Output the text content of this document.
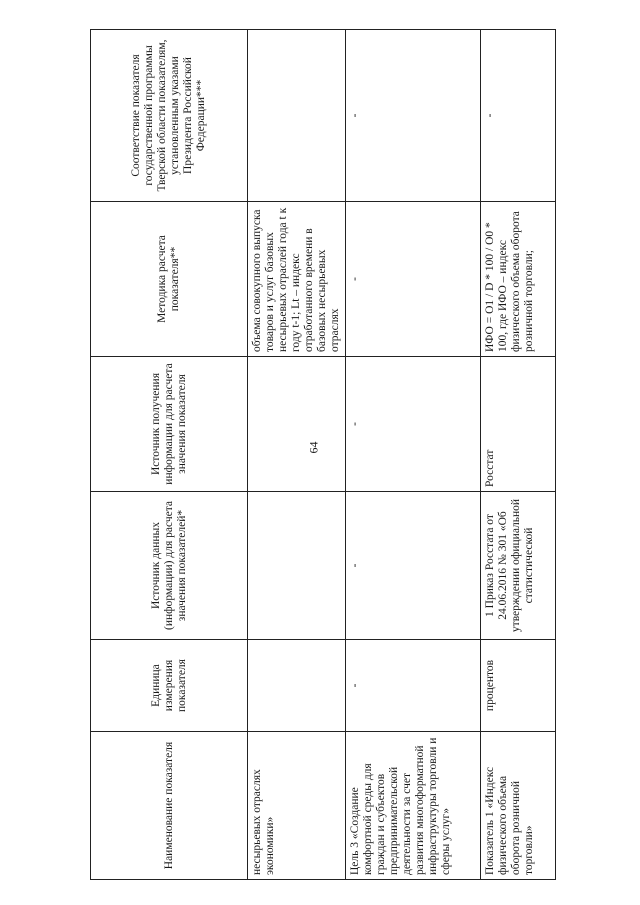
64
Наименование показателя	Единица измерения показателя	Источник данных (информации) для расчета значения показателей*	Источник получения информации для расчета значения показателя	Методика расчета показателя**	Соответствие показателя государственной программы Тверской области показателям, установленным указами Президента Российской Федерации***
несырьевых отраслях экономики»				объема совокупного выпуска товаров и услуг базовых несырьевых отраслей года t к году t-1; Lt – индекс отработанного времени в базовых несырьевых отраслях	
Цель 3 «Создание комфортной среды для граждан и субъектов предпринимательской деятельности за счет развития многоформатной инфраструктуры торговли и сферы услуг»	-	-	-	-	-
Показатель 1 «Индекс физического объема оборота розничной торговли»	процентов	1 Приказ Росстата от 24.06.2016 № 301 «Об утверждении официальной статистической	Росстат	ИФО = O1 / D * 100 / O0 * 100, где ИФО – индекс физического объема оборота розничной торговли;	-
